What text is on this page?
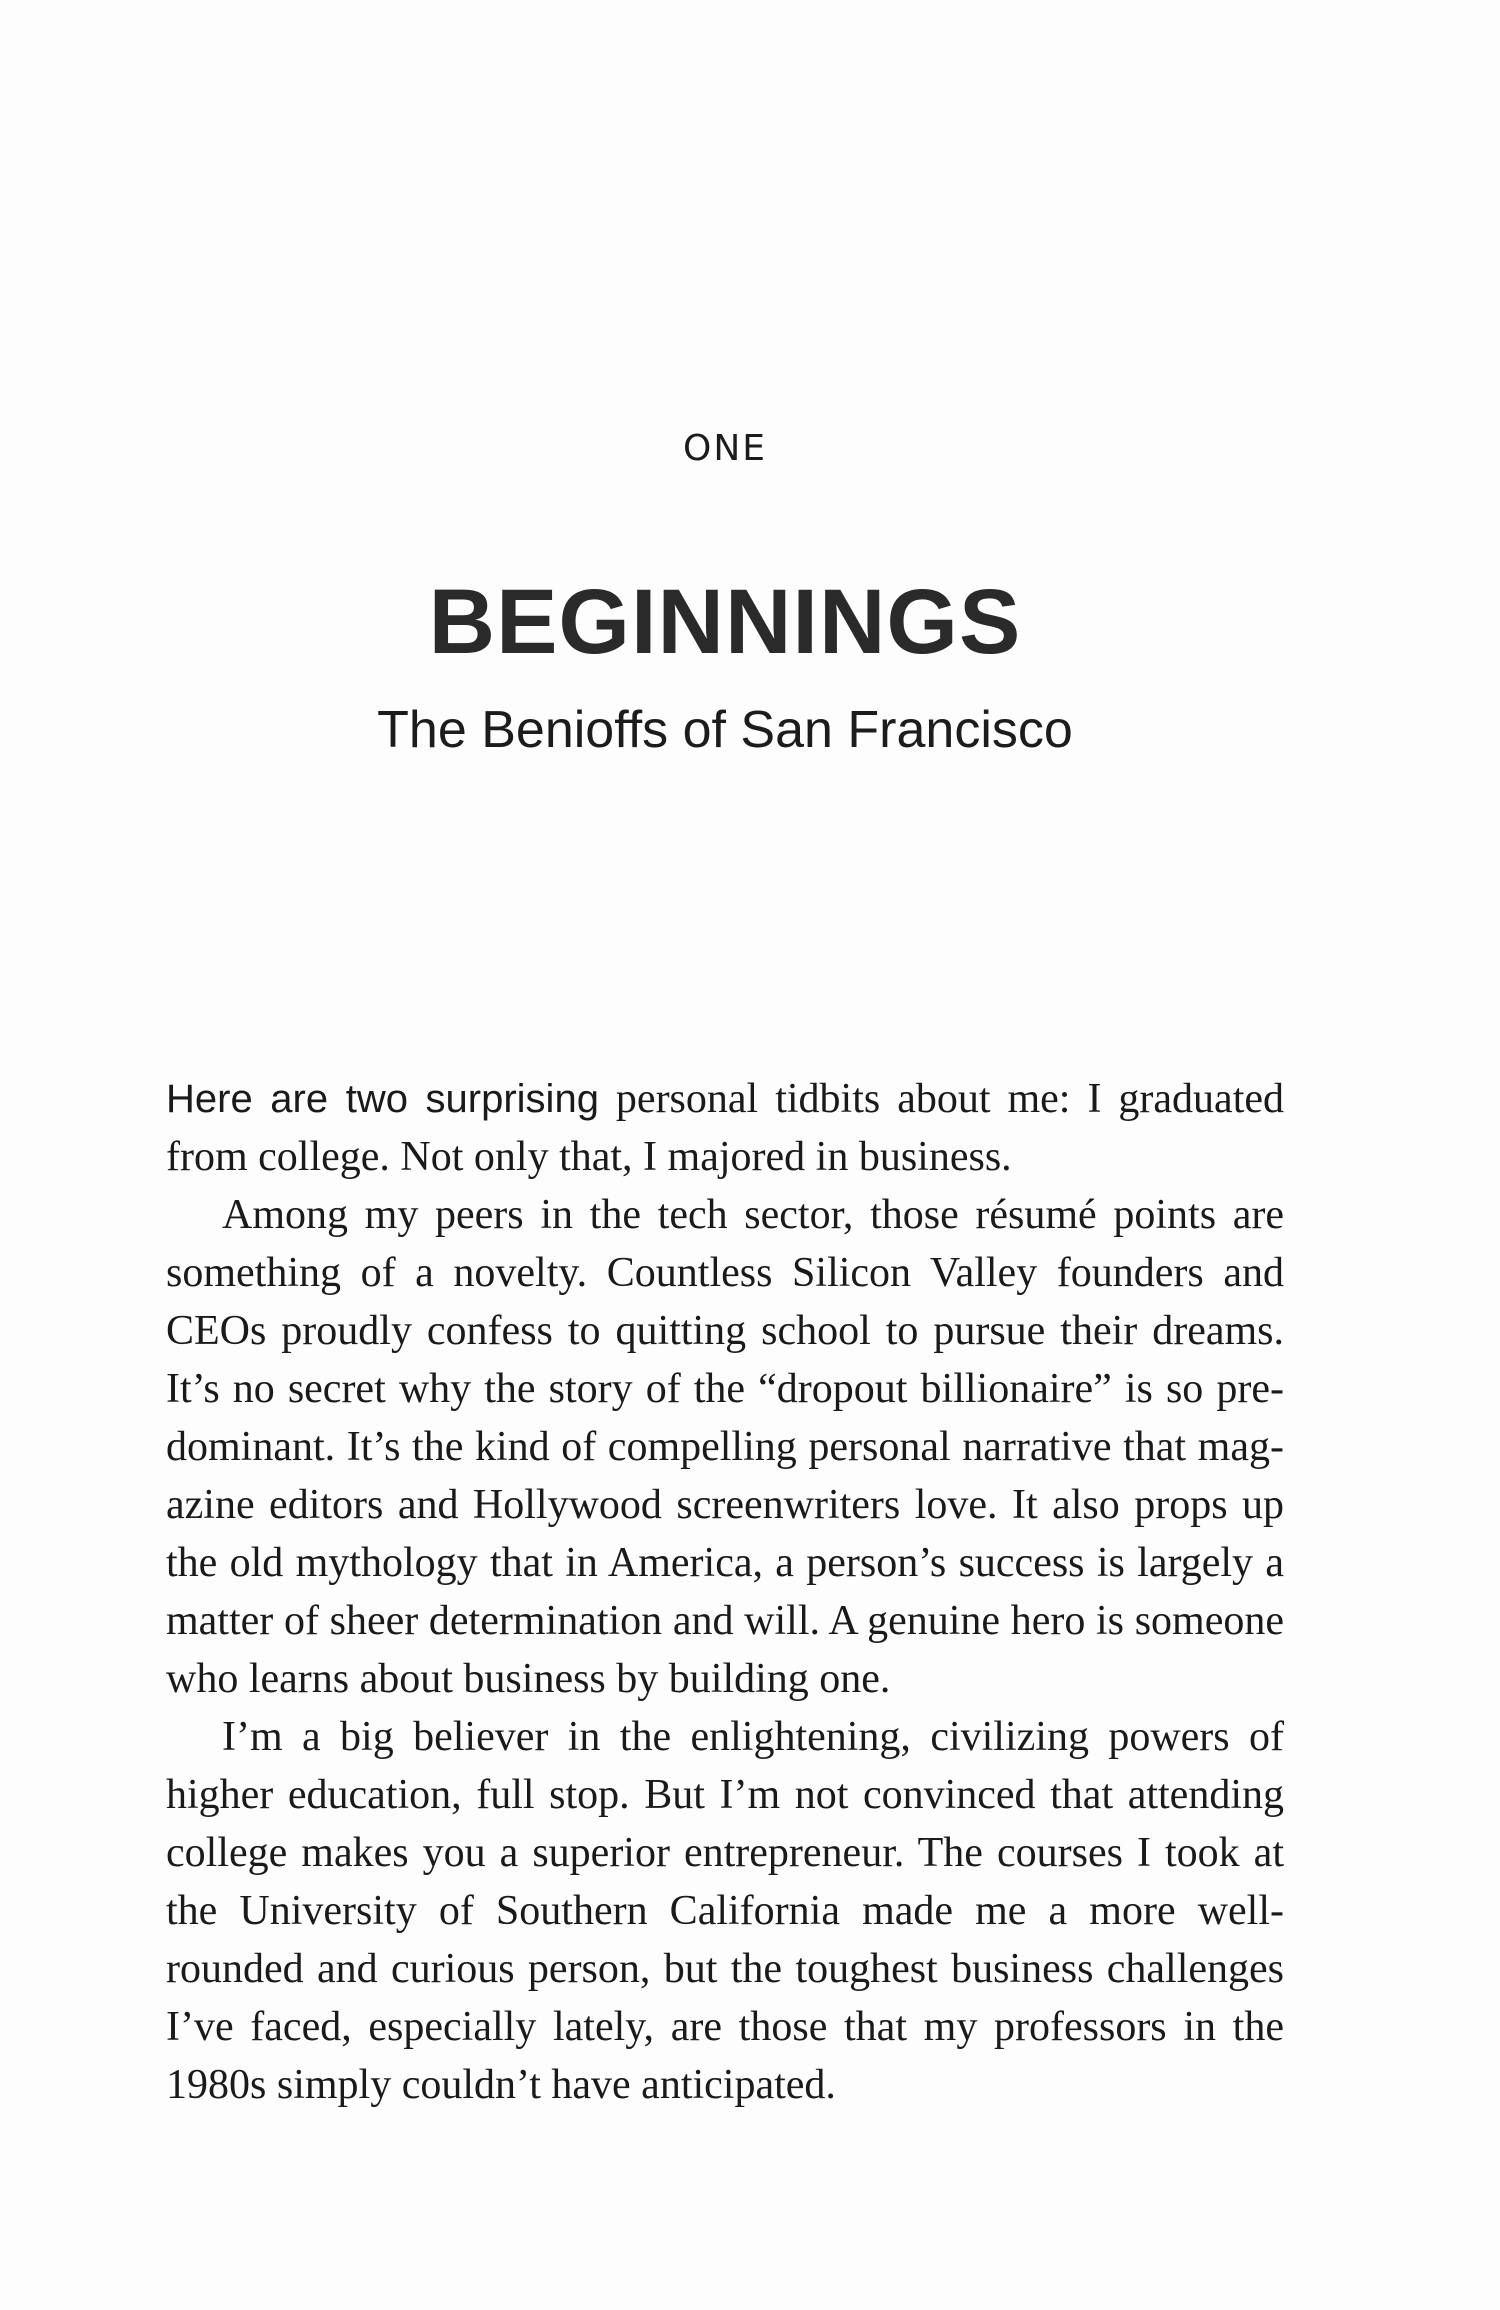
ONE
BEGINNINGS
The Benioffs of San Francisco

Here are two surprising personal tidbits about me: I graduated from college. Not only that, I majored in business.

Among my peers in the tech sector, those résumé points are something of a novelty. Countless Silicon Valley founders and CEOs proudly confess to quitting school to pursue their dreams. It’s no secret why the story of the “dropout billionaire” is so predominant. It’s the kind of compelling personal narrative that magazine editors and Hollywood screenwriters love. It also props up the old mythology that in America, a person’s success is largely a matter of sheer determination and will. A genuine hero is someone who learns about business by building one.

I’m a big believer in the enlightening, civilizing powers of higher education, full stop. But I’m not convinced that attending college makes you a superior entrepreneur. The courses I took at the University of Southern California made me a more well-rounded and curious person, but the toughest business challenges I’ve faced, especially lately, are those that my professors in the 1980s simply couldn’t have anticipated.
